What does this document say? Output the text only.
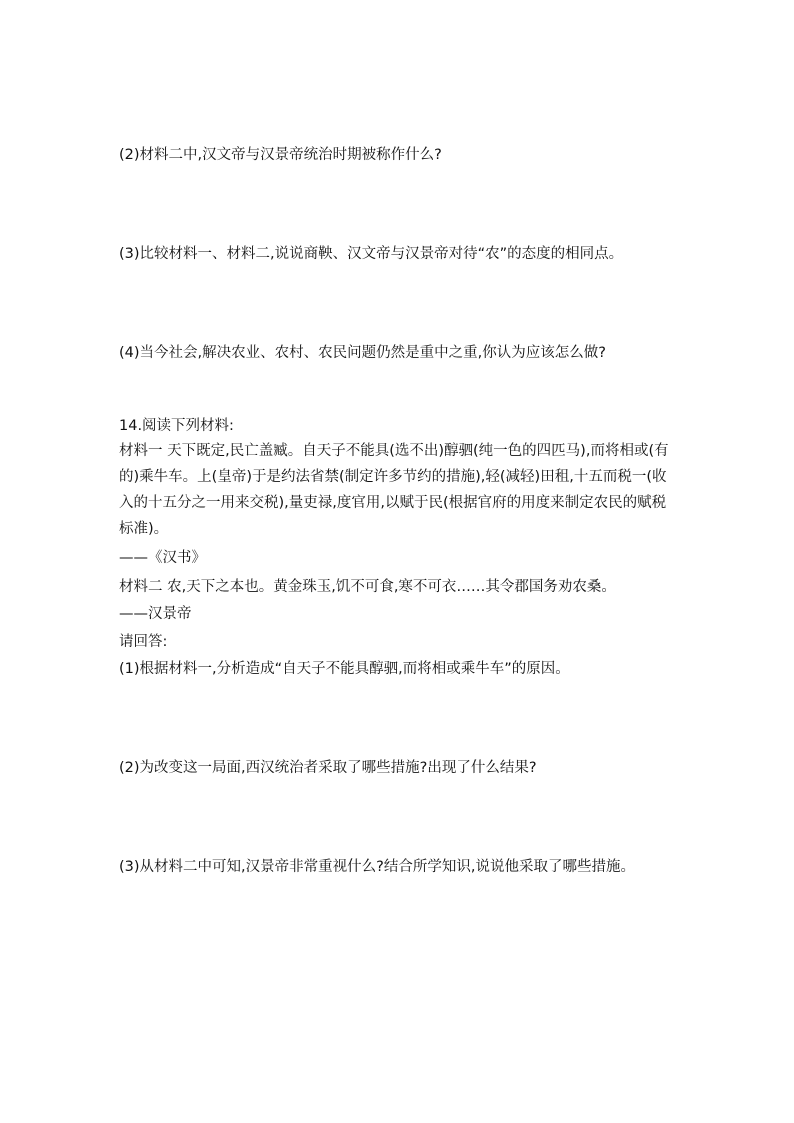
(2)材料二中,汉文帝与汉景帝统治时期被称作什么?
(3)比较材料一、材料二,说说商鞅、汉文帝与汉景帝对待“农”的态度的相同点。
(4)当今社会,解决农业、农村、农民问题仍然是重中之重,你认为应该怎么做?
14.阅读下列材料:
材料一 天下既定,民亡盖臧。自天子不能具(选不出)醇驷(纯一色的四匹马),而将相或(有的)乘牛车。上(皇帝)于是约法省禁(制定许多节约的措施),轻(减轻)田租,十五而税一(收入的十五分之一用来交税),量吏禄,度官用,以赋于民(根据官府的用度来制定农民的赋税标准)。
——《汉书》
材料二 农,天下之本也。黄金珠玉,饥不可食,寒不可衣……其令郡国务劝农桑。
——汉景帝
请回答:
(1)根据材料一,分析造成“自天子不能具醇驷,而将相或乘牛车”的原因。
(2)为改变这一局面,西汉统治者采取了哪些措施?出现了什么结果?
(3)从材料二中可知,汉景帝非常重视什么?结合所学知识,说说他采取了哪些措施。
